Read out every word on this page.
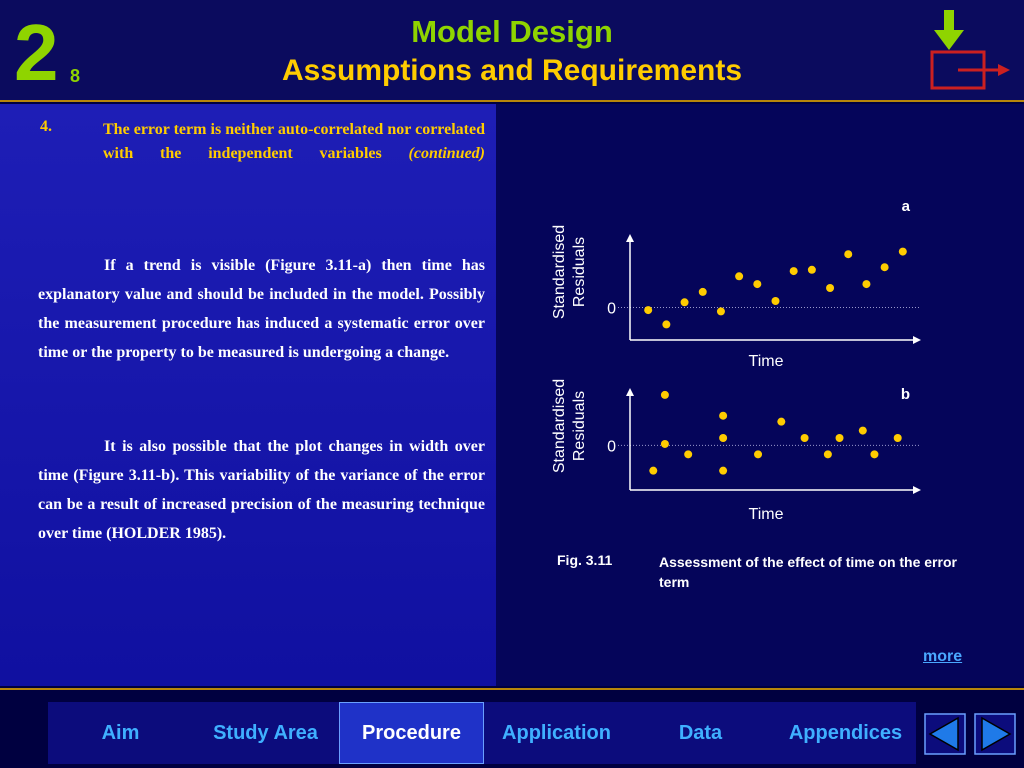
2 8
Model Design
Assumptions and Requirements
4.	The error term is neither auto-correlated nor correlated with the independent variables (continued)
If a trend is visible (Figure 3.11-a) then time has explanatory value and should be included in the model. Possibly the measurement procedure has induced a systematic error over time or the property to be measured is undergoing a change.
It is also possible that the plot changes in width over time (Figure 3.11-b). This variability of the variance of the error can be a result of increased precision of the measuring technique over time (HOLDER 1985).
0
Time
Standardised Residuals
a
0
Time
Standardised Residuals	b
Fig. 3.11	Assessment of the effect of time on the error term
more
Aim	Study Area	Procedure	Application	Data	Appendices
